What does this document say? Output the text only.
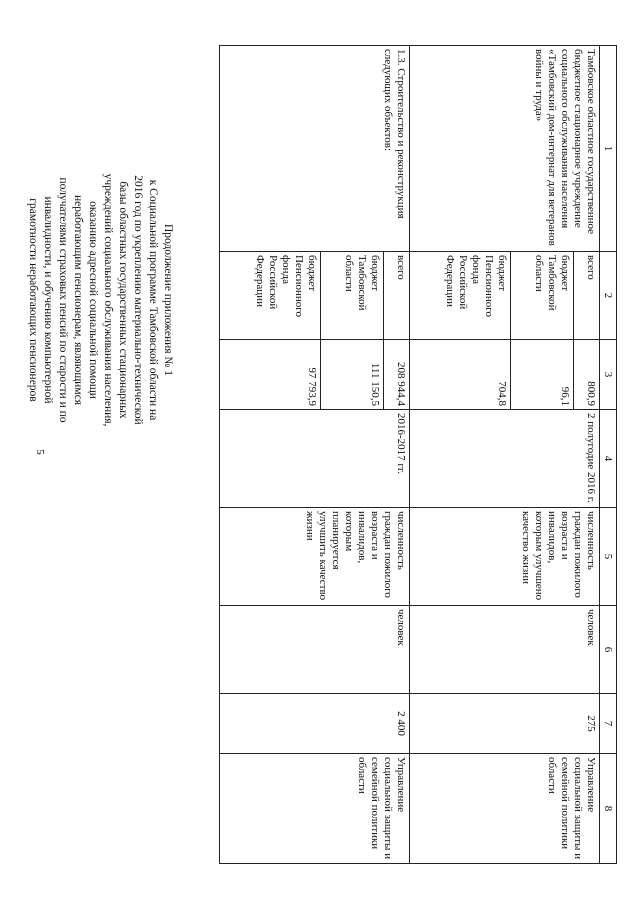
5
Продолжение приложения № 1
к Социальной программе Тамбовской области на
2016 год по укреплению материально-технической
базы областных государственных стационарных
учреждений социального обслуживания населения,
оказанию адресной социальной помощи
неработающим пенсионерам, являющимся
получателями страховых пенсий по старости и по
инвалидности, и обучению компьютерной
грамотности неработающих пенсионеров
1	2	3	4	5	6	7	8
Тамбовское областное государственное бюджетное стационарное учреждение социального обслуживания населения «Тамбовский дом-интернат для ветеранов войны и труда»	всего	800,9	2 полугодие 2016 г.	численность граждан пожилого возраста и инвалидов, которым улучшено качество жизни	человек	275	Управление социальной защиты и семейной политики области
	бюджет Тамбовской области	96,1					
	бюджет Пенсионного фонда Российской Федерации	704,8					
1.3. Строительство и реконструкция следующих объектов:	всего	208 944,4	2016-2017 гг.	численность граждан пожилого возраста и инвалидов, которым планируется улучшить качество жизни	человек	2 400	Управление социальной защиты и семейной политики области
	бюджет Тамбовской области	111 150,5					
	бюджет Пенсионного фонда Российской Федерации	97 793,9					
